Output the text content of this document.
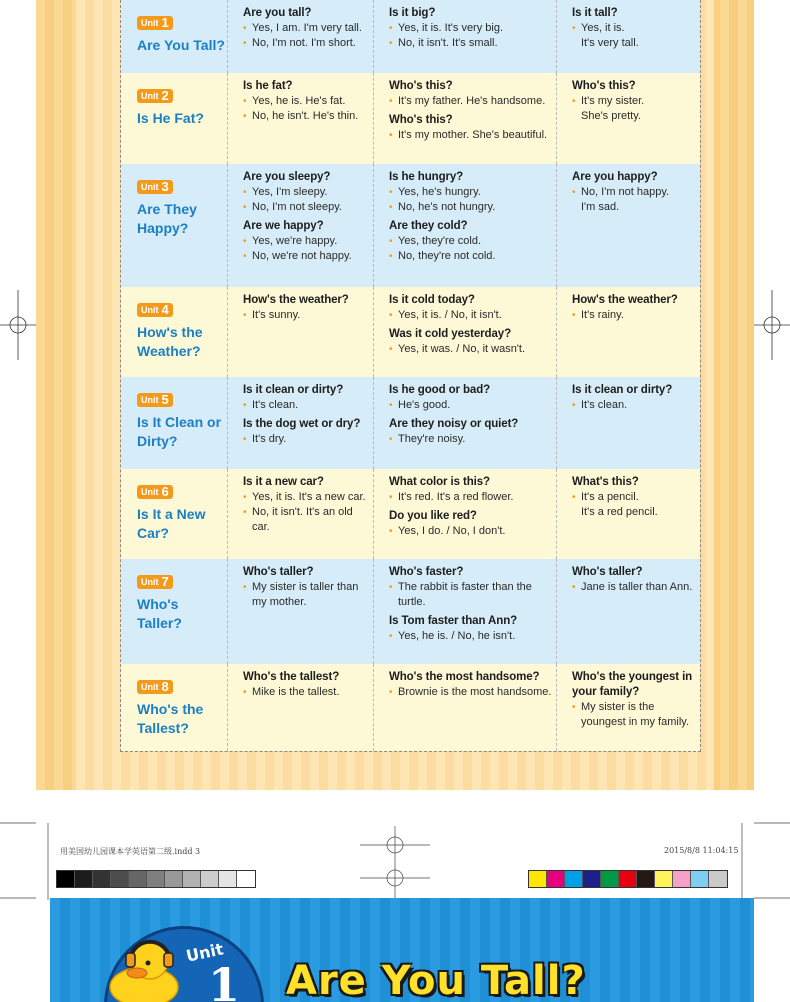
Unit 1
Are You Tall?
Are you tall?
• Yes, I am. I'm very tall.
• No, I'm not. I'm short.
Is it big?
• Yes, it is. It's very big.
• No, it isn't. It's small.
Is it tall?
• Yes, it is.
It's very tall.
Unit 2
Is He Fat?
Is he fat?
• Yes, he is. He's fat.
• No, he isn't. He's thin.
Who's this?
• It's my father. He's handsome.
Who's this?
• It's my mother. She's beautiful.
Who's this?
• It's my sister.
She's pretty.
Unit 3
Are They Happy?
Are you sleepy?
• Yes, I'm sleepy.
• No, I'm not sleepy.
Are we happy?
• Yes, we're happy.
• No, we're not happy.
Is he hungry?
• Yes, he's hungry.
• No, he's not hungry.
Are they cold?
• Yes, they're cold.
• No, they're not cold.
Are you happy?
• No, I'm not happy.
I'm sad.
Unit 4
How's the Weather?
How's the weather?
• It's sunny.
Is it cold today?
• Yes, it is. / No, it isn't.
Was it cold yesterday?
• Yes, it was. / No, it wasn't.
How's the weather?
• It's rainy.
Unit 5
Is It Clean or Dirty?
Is it clean or dirty?
• It's clean.
Is the dog wet or dry?
• It's dry.
Is he good or bad?
• He's good.
Are they noisy or quiet?
• They're noisy.
Is it clean or dirty?
• It's clean.
Unit 6
Is It a New Car?
Is it a new car?
• Yes, it is. It's a new car.
• No, it isn't. It's an old
car.
What color is this?
• It's red. It's a red flower.
Do you like red?
• Yes, I do. / No, I don't.
What's this?
• It's a pencil.
It's a red pencil.
Unit 7
Who's Taller?
Who's taller?
• My sister is taller than
my mother.
Who's faster?
• The rabbit is faster than the
turtle.
Is Tom faster than Ann?
• Yes, he is. / No, he isn't.
Who's taller?
• Jane is taller than Ann.
Unit 8
Who's the Tallest?
Who's the tallest?
• Mike is the tallest.
Who's the most handsome?
• Brownie is the most handsome.
Who's the youngest in your family?
• My sister is the
youngest in my family.
用美国幼儿园课本学英语第二级.indd 3	2015/8/8 11:04:15
Unit
1 Are You Tall?
